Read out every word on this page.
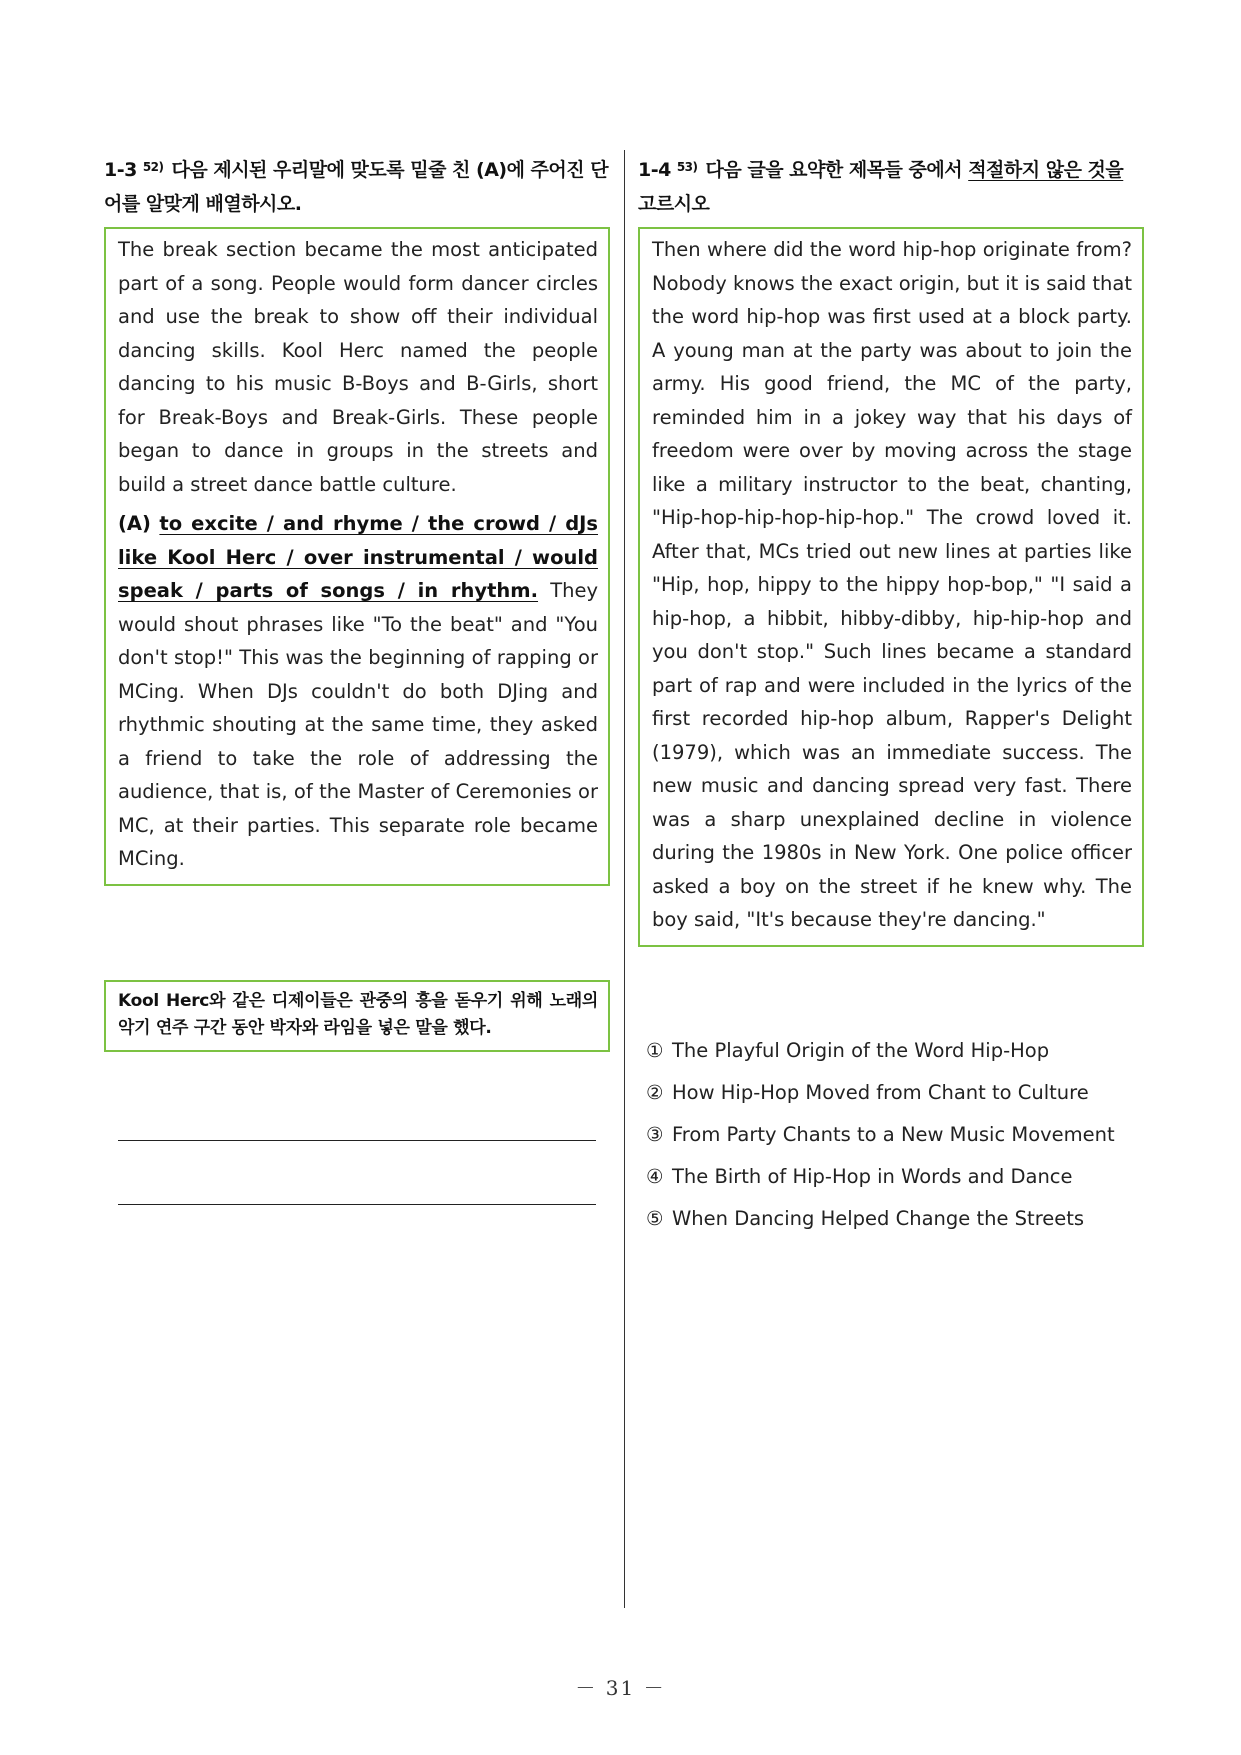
1-3 $^{52)}$ 다음 제시된 우리말에 맞도록 밑줄 친 (A)에 주어진 단어를 알맞게 배열하시오.

The break section became the most anticipated part of a song. People would form dancer circles and use the break to show off their individual dancing skills. Kool Herc named the people dancing to his music B-Boys and B-Girls, short for Break-Boys and Break-Girls. These people began to dance in groups in the streets and build a street dance battle culture.

(A) to excite / and rhyme / the crowd / dJs like Kool Herc / over instrumental / would speak / parts of songs / in rhythm. They would shout phrases like "To the beat" and "You don't stop!" This was the beginning of rapping or MCing. When DJs couldn't do both DJing and rhythmic shouting at the same time, they asked a friend to take the role of addressing the audience, that is, of the Master of Ceremonies or MC, at their parties. This separate role became MCing.

Kool Herc와 같은 디제이들은 관중의 흥을 돋우기 위해 노래의 악기 연주 구간 동안 박자와 라임을 넣은 말을 했다.

1-4 $^{53)}$ 다음 글을 요약한 제목들 중에서 적절하지 않은 것을 고르시오

Then where did the word hip-hop originate from? Nobody knows the exact origin, but it is said that the word hip-hop was first used at a block party. A young man at the party was about to join the army. His good friend, the MC of the party, reminded him in a jokey way that his days of freedom were over by moving across the stage like a military instructor to the beat, chanting, "Hip-hop-hip-hop-hip-hop." The crowd loved it. After that, MCs tried out new lines at parties like "Hip, hop, hippy to the hippy hop-bop," "I said a hip-hop, a hibbit, hibby-dibby, hip-hip-hop and you don't stop." Such lines became a standard part of rap and were included in the lyrics of the first recorded hip-hop album, Rapper's Delight (1979), which was an immediate success. The new music and dancing spread very fast. There was a sharp unexplained decline in violence during the 1980s in New York. One police officer asked a boy on the street if he knew why. The boy said, "It's because they're dancing."

① The Playful Origin of the Word Hip-Hop
② How Hip-Hop Moved from Chant to Culture
③ From Party Chants to a New Music Movement
④ The Birth of Hip-Hop in Words and Dance
⑤ When Dancing Helped Change the Streets
－ 31 －
